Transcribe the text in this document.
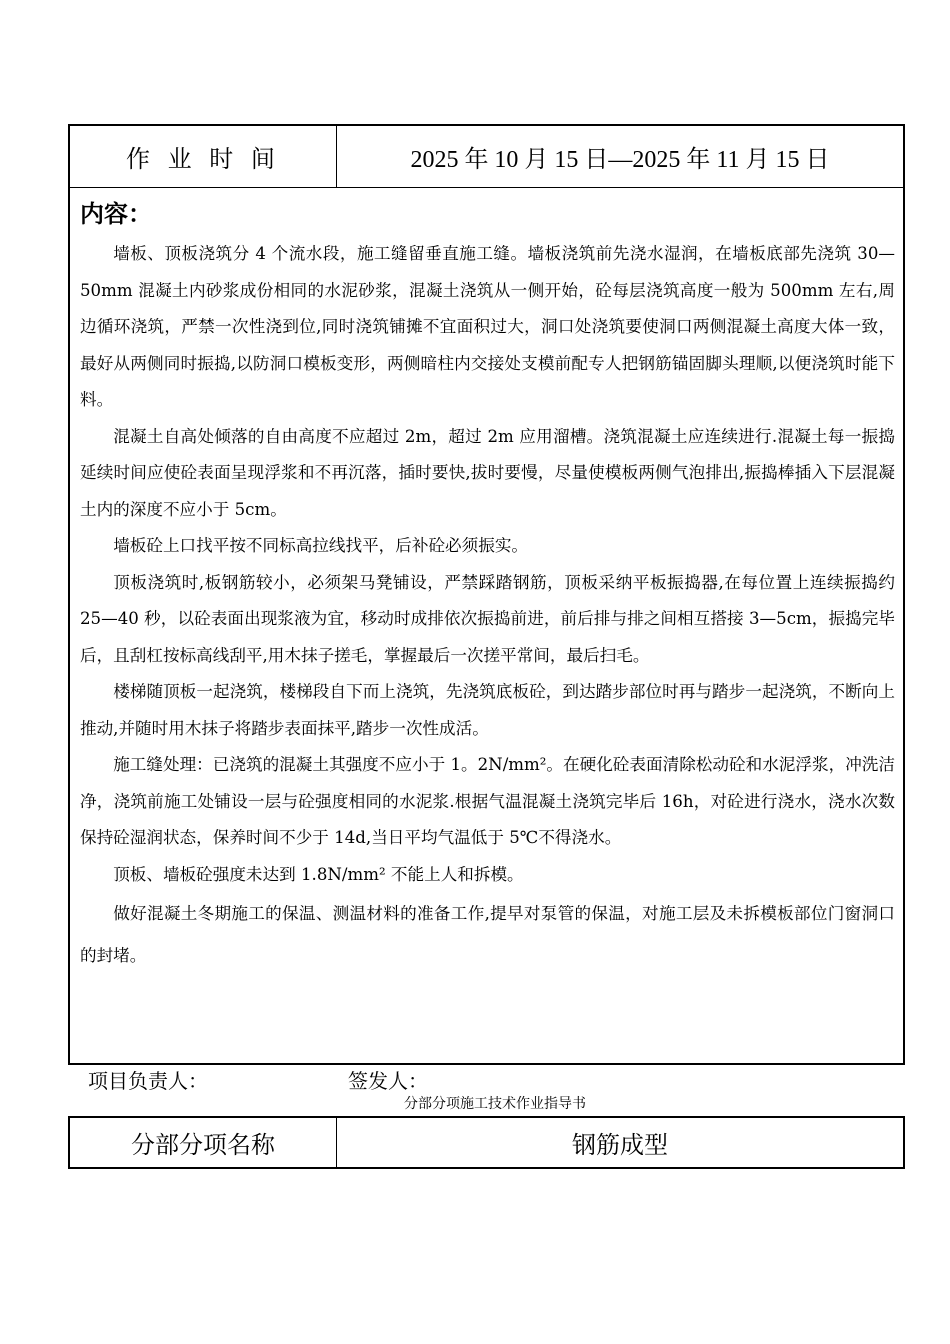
作 业 时 间	2025 年 10 月 15 日—2025 年 11 月 15 日
内容：

墙板、顶板浇筑分 4 个流水段，施工缝留垂直施工缝。墙板浇筑前先浇水湿润，在墙板底部先浇筑 30—50mm 混凝土内砂浆成份相同的水泥砂浆，混凝土浇筑从一侧开始，砼每层浇筑高度一般为 500mm 左右,周边循环浇筑，严禁一次性浇到位,同时浇筑铺摊不宜面积过大，洞口处浇筑要使洞口两侧混凝土高度大体一致，最好从两侧同时振捣,以防洞口模板变形，两侧暗柱内交接处支模前配专人把钢筋锚固脚头理顺,以便浇筑时能下料。

混凝土自高处倾落的自由高度不应超过 2m，超过 2m 应用溜槽。浇筑混凝土应连续进行.混凝土每一振捣延续时间应使砼表面呈现浮浆和不再沉落，插时要快,拔时要慢，尽量使模板两侧气泡排出,振捣棒插入下层混凝土内的深度不应小于 5cm。

墙板砼上口找平按不同标高拉线找平，后补砼必须振实。

顶板浇筑时,板钢筋较小，必须架马凳铺设，严禁踩踏钢筋，顶板采纳平板振捣器,在每位置上连续振捣约 25—40 秒，以砼表面出现浆液为宜，移动时成排依次振捣前进，前后排与排之间相互搭接 3—5cm，振捣完毕后，且刮杠按标高线刮平,用木抹子搓毛，掌握最后一次搓平常间，最后扫毛。

楼梯随顶板一起浇筑，楼梯段自下而上浇筑，先浇筑底板砼，到达踏步部位时再与踏步一起浇筑，不断向上推动,并随时用木抹子将踏步表面抹平,踏步一次性成活。

施工缝处理：已浇筑的混凝土其强度不应小于 1。2N/mm²。在硬化砼表面清除松动砼和水泥浮浆，冲洗洁净，浇筑前施工处铺设一层与砼强度相同的水泥浆.根据气温混凝土浇筑完毕后 16h，对砼进行浇水，浇水次数保持砼湿润状态，保养时间不少于 14d,当日平均气温低于 5℃不得浇水。

顶板、墙板砼强度未达到 1.8N/mm² 不能上人和拆模。

做好混凝土冬期施工的保温、测温材料的准备工作,提早对泵管的保温，对施工层及未拆模板部位门窗洞口的封堵。

项目负责人：	签发人：
分部分项施工技术作业指导书
分部分项名称	钢筋成型
